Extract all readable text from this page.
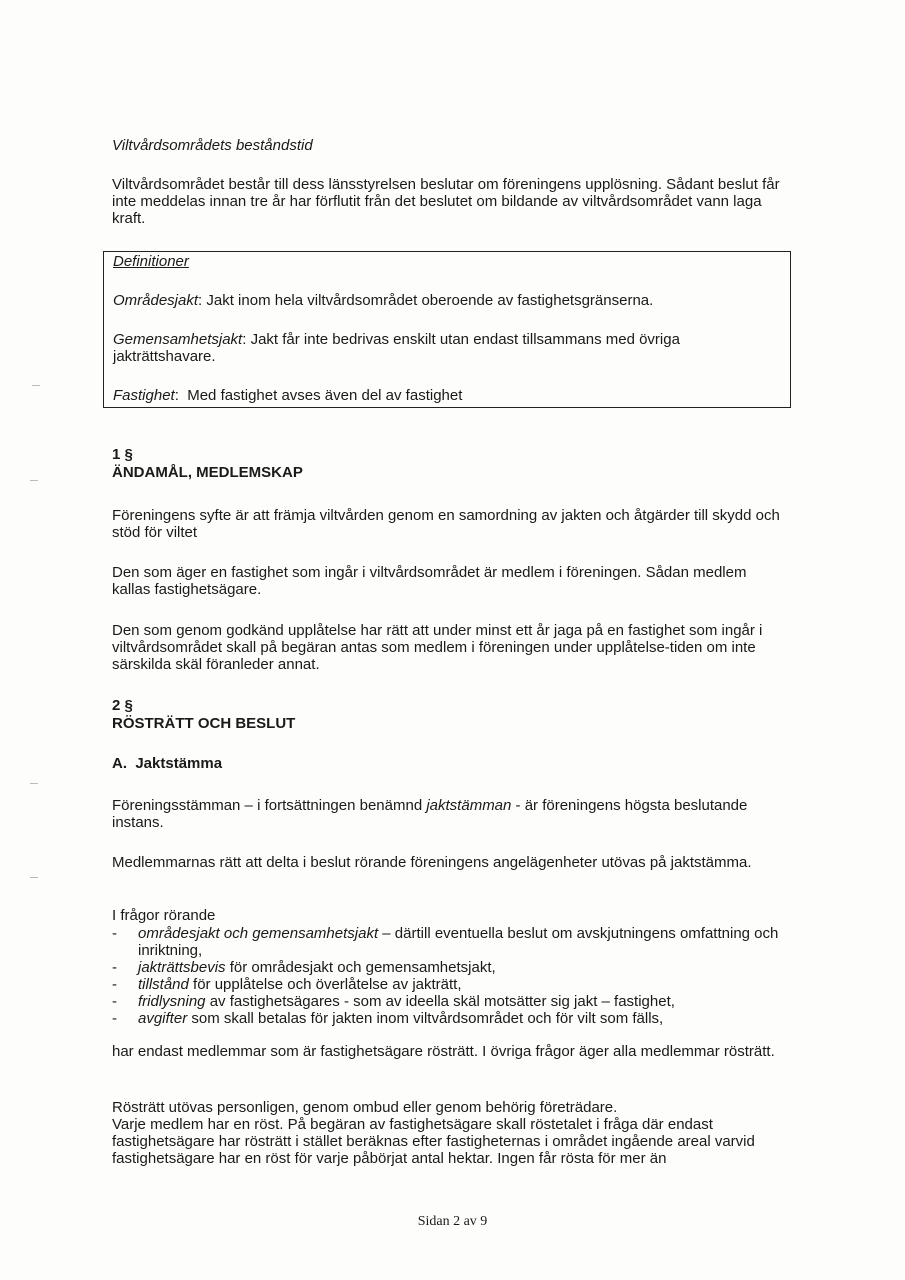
Viltvårdsområdets beståndstid
Viltvårdsområdet består till dess länsstyrelsen beslutar om föreningens upplösning. Sådant beslut får inte meddelas innan tre år har förflutit från det beslutet om bildande av viltvårdsområdet vann laga kraft.
Definitioner
Områdesjakt: Jakt inom hela viltvårdsområdet oberoende av fastighetsgränserna.
Gemensamhetsjakt: Jakt får inte bedrivas enskilt utan endast tillsammans med övriga jakträttshavare.
Fastighet:  Med fastighet avses även del av fastighet
1 §
ÄNDAMÅL, MEDLEMSKAP
Föreningens syfte är att främja viltvården genom en samordning av jakten och åtgärder till skydd och stöd för viltet
Den som äger en fastighet som ingår i viltvårdsområdet är medlem i föreningen. Sådan medlem kallas fastighetsägare.
Den som genom godkänd upplåtelse har rätt att under minst ett år jaga på en fastighet som ingår i viltvårdsområdet skall på begäran antas som medlem i föreningen under upplåtelse-tiden om inte särskilda skäl föranleder annat.
2 §
RÖSTRÄTT OCH BESLUT
A.  Jaktstämma
Föreningsstämman – i fortsättningen benämnd jaktstämman - är föreningens högsta beslutande instans.
Medlemmarnas rätt att delta i beslut rörande föreningens angelägenheter utövas på jaktstämma.
I frågor rörande
- områdesjakt och gemensamhetsjakt – därtill eventuella beslut om avskjutningens omfattning och inriktning,
- jakträttsbevis för områdesjakt och gemensamhetsjakt,
- tillstånd för upplåtelse och överlåtelse av jakträtt,
- fridlysning av fastighetsägares - som av ideella skäl motsätter sig jakt – fastighet,
- avgifter som skall betalas för jakten inom viltvårdsområdet och för vilt som fälls,
har endast medlemmar som är fastighetsägare rösträtt. I övriga frågor äger alla medlemmar rösträtt.
Rösträtt utövas personligen, genom ombud eller genom behörig företrädare.
Varje medlem har en röst. På begäran av fastighetsägare skall röstetalet i fråga där endast fastighetsägare har rösträtt i stället beräknas efter fastigheternas i området ingående areal varvid fastighetsägare har en röst för varje påbörjat antal hektar. Ingen får rösta för mer än
Sidan 2 av 9
